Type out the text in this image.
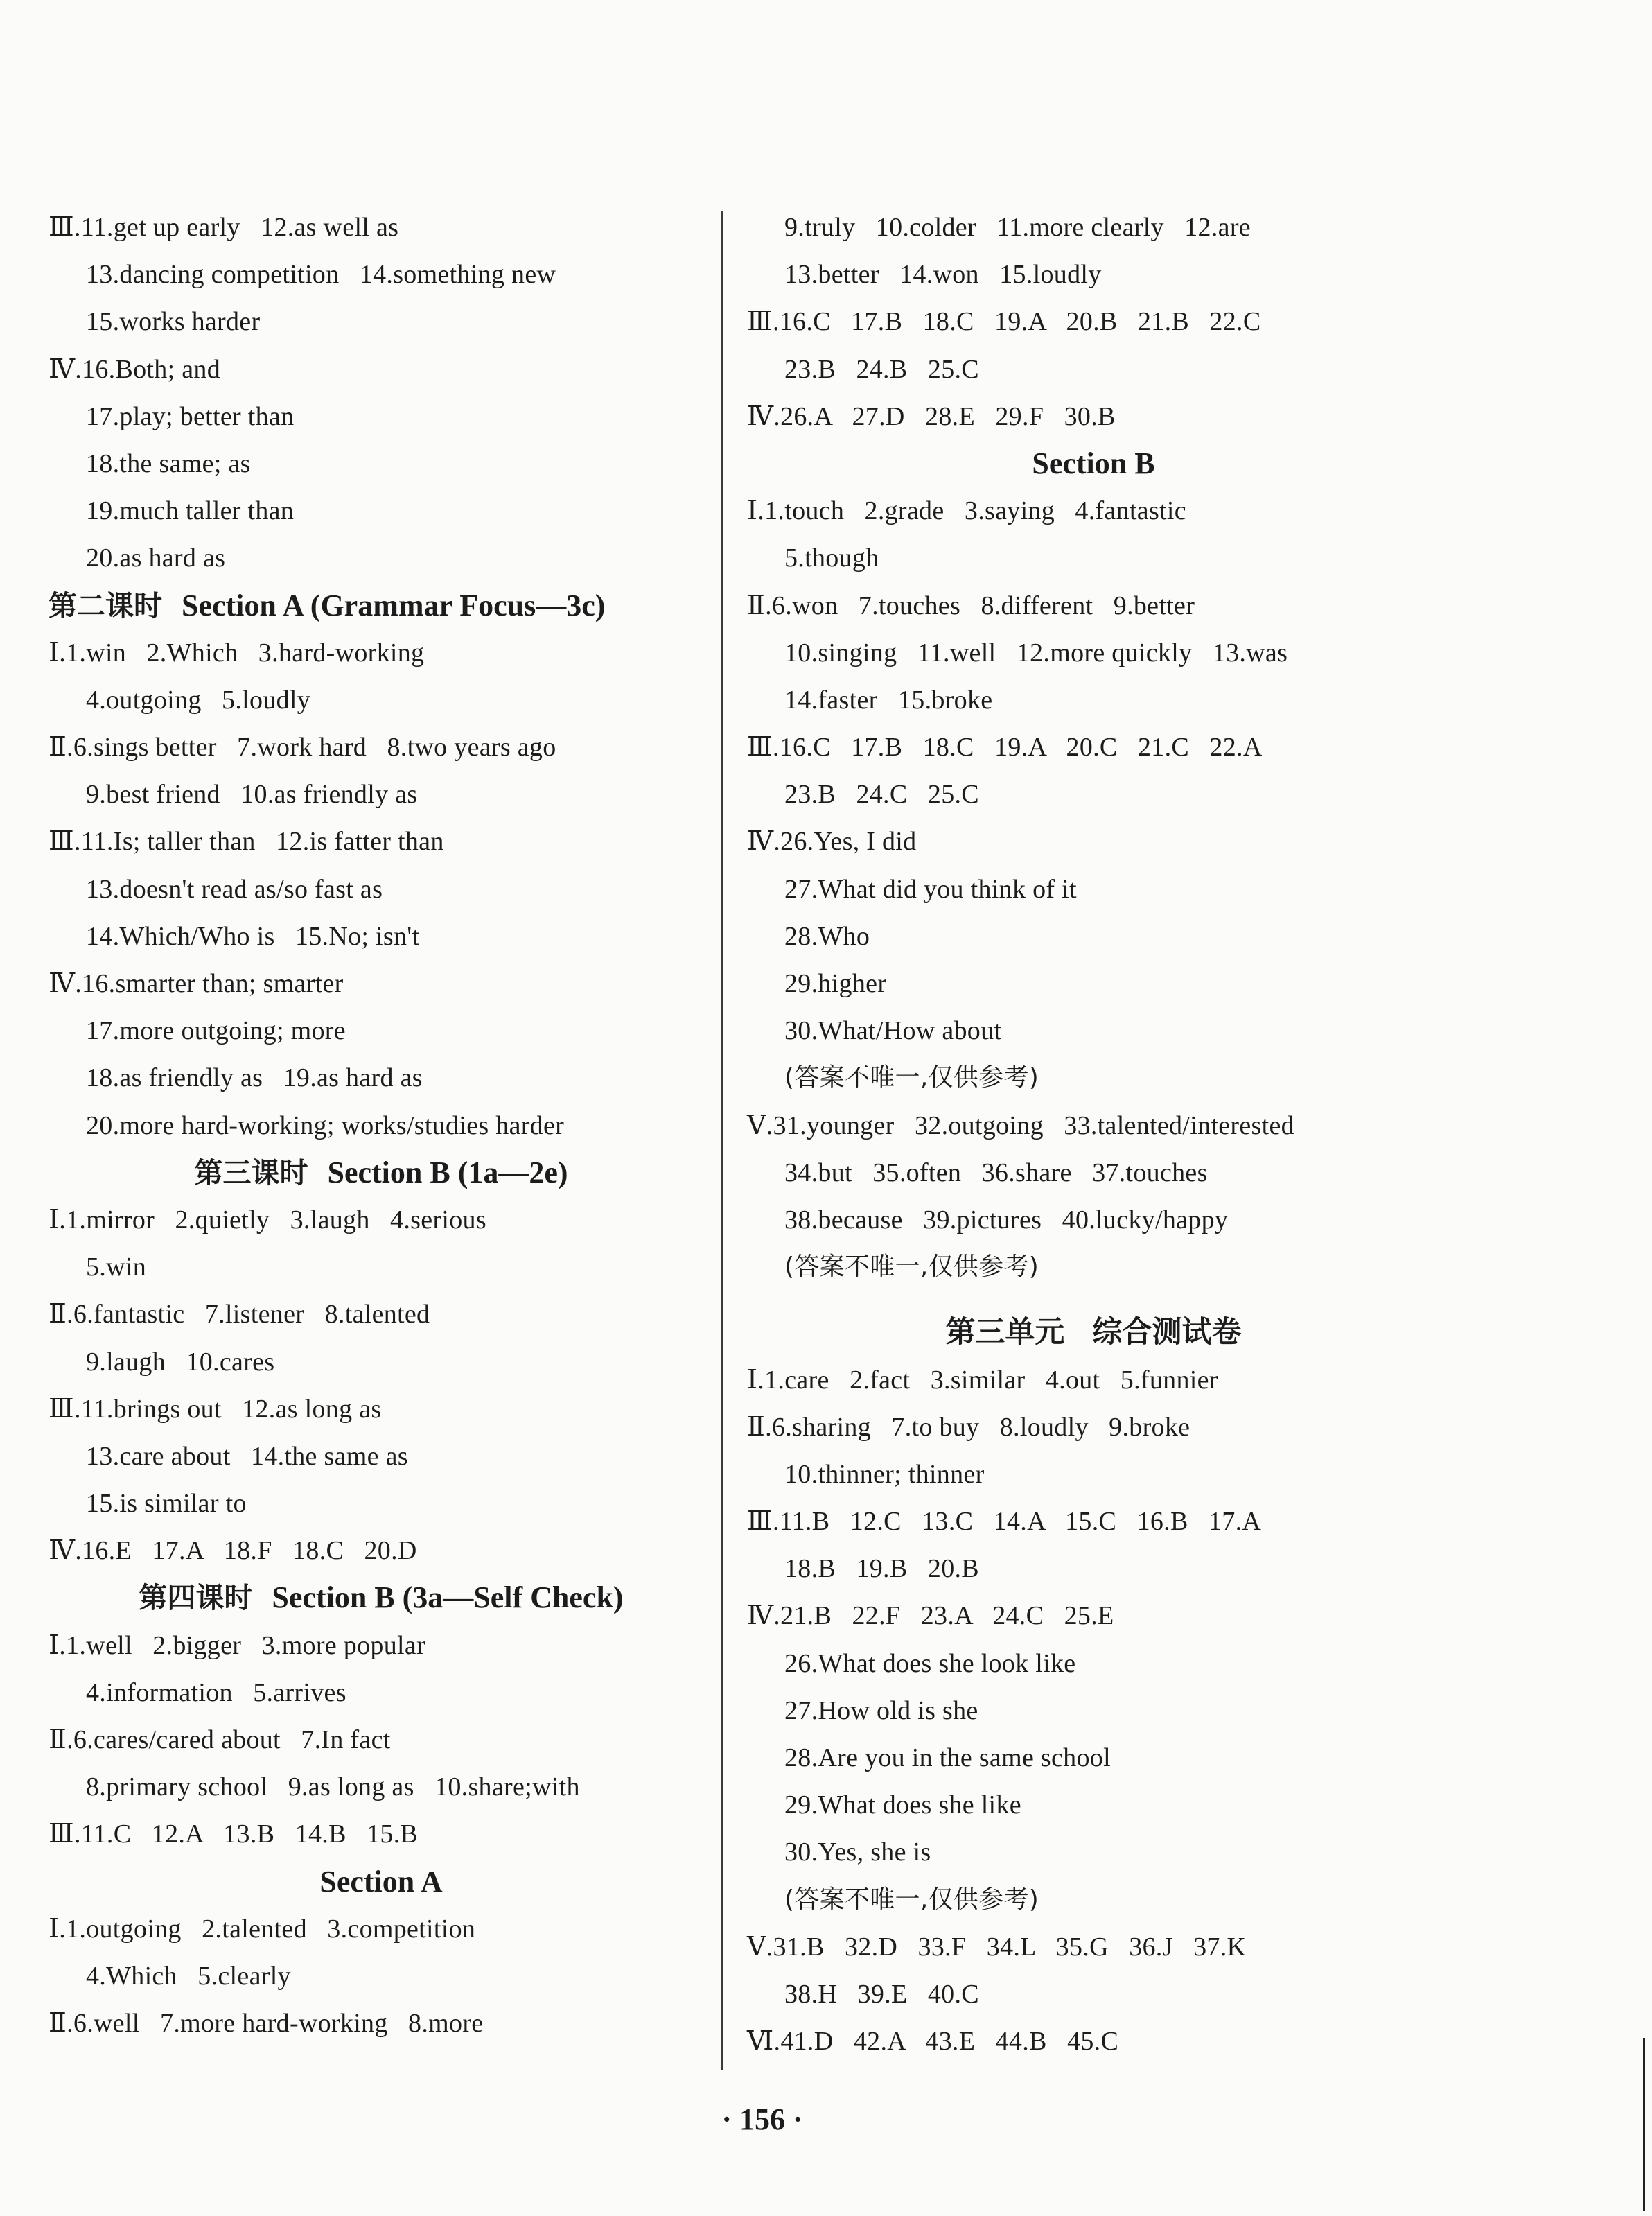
Ⅲ.11.get up early   12.as well as
13.dancing competition   14.something new
15.works harder
Ⅳ.16.Both; and
17.play; better than
18.the same; as
19.much taller than
20.as hard as
第二课时 Section A (Grammar Focus—3c)
Ⅰ.1.win   2.Which   3.hard-working
4.outgoing   5.loudly
Ⅱ.6.sings better   7.work hard   8.two years ago
9.best friend   10.as friendly as
Ⅲ.11.Is; taller than   12.is fatter than
13.doesn't read as/so fast as
14.Which/Who is   15.No; isn't
Ⅳ.16.smarter than; smarter
17.more outgoing; more
18.as friendly as   19.as hard as
20.more hard-working; works/studies harder
第三课时 Section B (1a—2e)
Ⅰ.1.mirror   2.quietly   3.laugh   4.serious
5.win
Ⅱ.6.fantastic   7.listener   8.talented
9.laugh   10.cares
Ⅲ.11.brings out   12.as long as
13.care about   14.the same as
15.is similar to
Ⅳ.16.E   17.A   18.F   18.C   20.D
第四课时 Section B (3a—Self Check)
Ⅰ.1.well   2.bigger   3.more popular
4.information   5.arrives
Ⅱ.6.cares/cared about   7.In fact
8.primary school   9.as long as   10.share;with
Ⅲ.11.C   12.A   13.B   14.B   15.B
Section A
Ⅰ.1.outgoing   2.talented   3.competition
4.Which   5.clearly
Ⅱ.6.well   7.more hard-working   8.more
9.truly   10.colder   11.more clearly   12.are
13.better   14.won   15.loudly
Ⅲ.16.C   17.B   18.C   19.A   20.B   21.B   22.C
23.B   24.B   25.C
Ⅳ.26.A   27.D   28.E   29.F   30.B
Section B
Ⅰ.1.touch   2.grade   3.saying   4.fantastic
5.though
Ⅱ.6.won   7.touches   8.different   9.better
10.singing   11.well   12.more quickly   13.was
14.faster   15.broke
Ⅲ.16.C   17.B   18.C   19.A   20.C   21.C   22.A
23.B   24.C   25.C
Ⅳ.26.Yes, I did
27.What did you think of it
28.Who
29.higher
30.What/How about
(答案不唯一,仅供参考)
Ⅴ.31.younger   32.outgoing   33.talented/interested
34.but   35.often   36.share   37.touches
38.because   39.pictures   40.lucky/happy
(答案不唯一,仅供参考)
第三单元 综合测试卷
Ⅰ.1.care   2.fact   3.similar   4.out   5.funnier
Ⅱ.6.sharing   7.to buy   8.loudly   9.broke
10.thinner; thinner
Ⅲ.11.B   12.C   13.C   14.A   15.C   16.B   17.A
18.B   19.B   20.B
Ⅳ.21.B   22.F   23.A   24.C   25.E
26.What does she look like
27.How old is she
28.Are you in the same school
29.What does she like
30.Yes, she is
(答案不唯一,仅供参考)
Ⅴ.31.B   32.D   33.F   34.L   35.G   36.J   37.K
38.H   39.E   40.C
Ⅵ.41.D   42.A   43.E   44.B   45.C
· 156 ·
